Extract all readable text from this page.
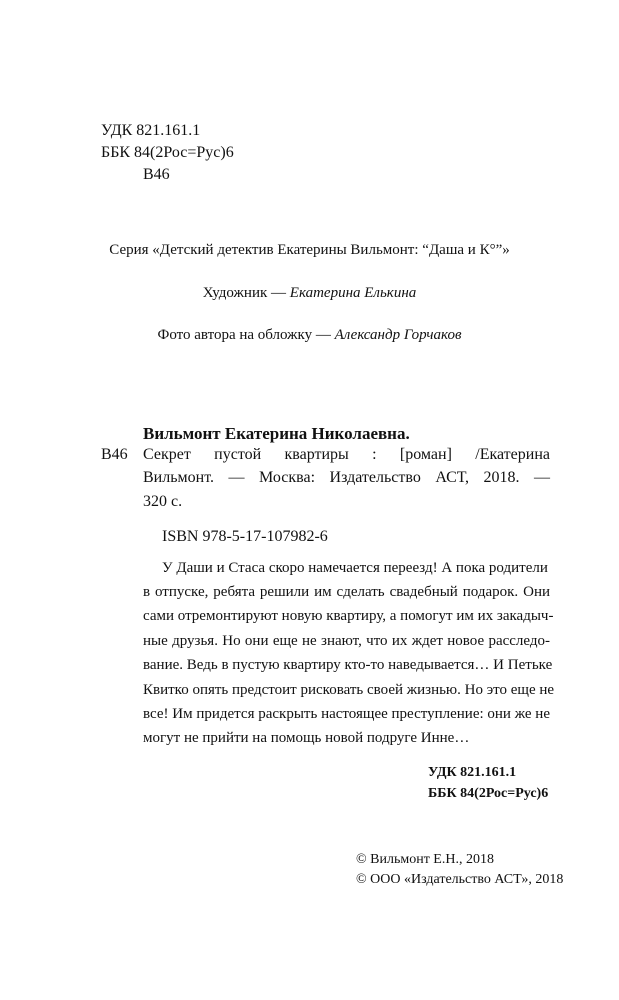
УДК 821.161.1
ББК 84(2Рос=Рус)6
В46
Серия «Детский детектив Екатерины Вильмонт: “Даша и К°”»
Художник — Екатерина Елькина
Фото автора на обложку — Александр Горчаков
Вильмонт Екатерина Николаевна.
В46 Секрет пустой квартиры : [роман] /Екатерина
Вильмонт. — Москва: Издательство АСТ, 2018. —
320 с.
ISBN 978-5-17-107982-6

У Даши и Стаса скоро намечается переезд! А пока родители

в отпуске, ребята решили им сделать свадебный подарок. Они

сами отремонтируют новую квартиру, а помогут им их закадыч-

ные друзья. Но они еще не знают, что их ждет новое расследо-

вание. Ведь в пустую квартиру кто-то наведывается… И Петьке

Квитко опять предстоит рисковать своей жизнью. Но это еще не

все! Им придется раскрыть настоящее преступление: они же не

могут не прийти на помощь новой подруге Инне…

УДК 821.161.1
ББК 84(2Рос=Рус)6
© Вильмонт Е.Н., 2018
© ООО «Издательство АСТ», 2018
